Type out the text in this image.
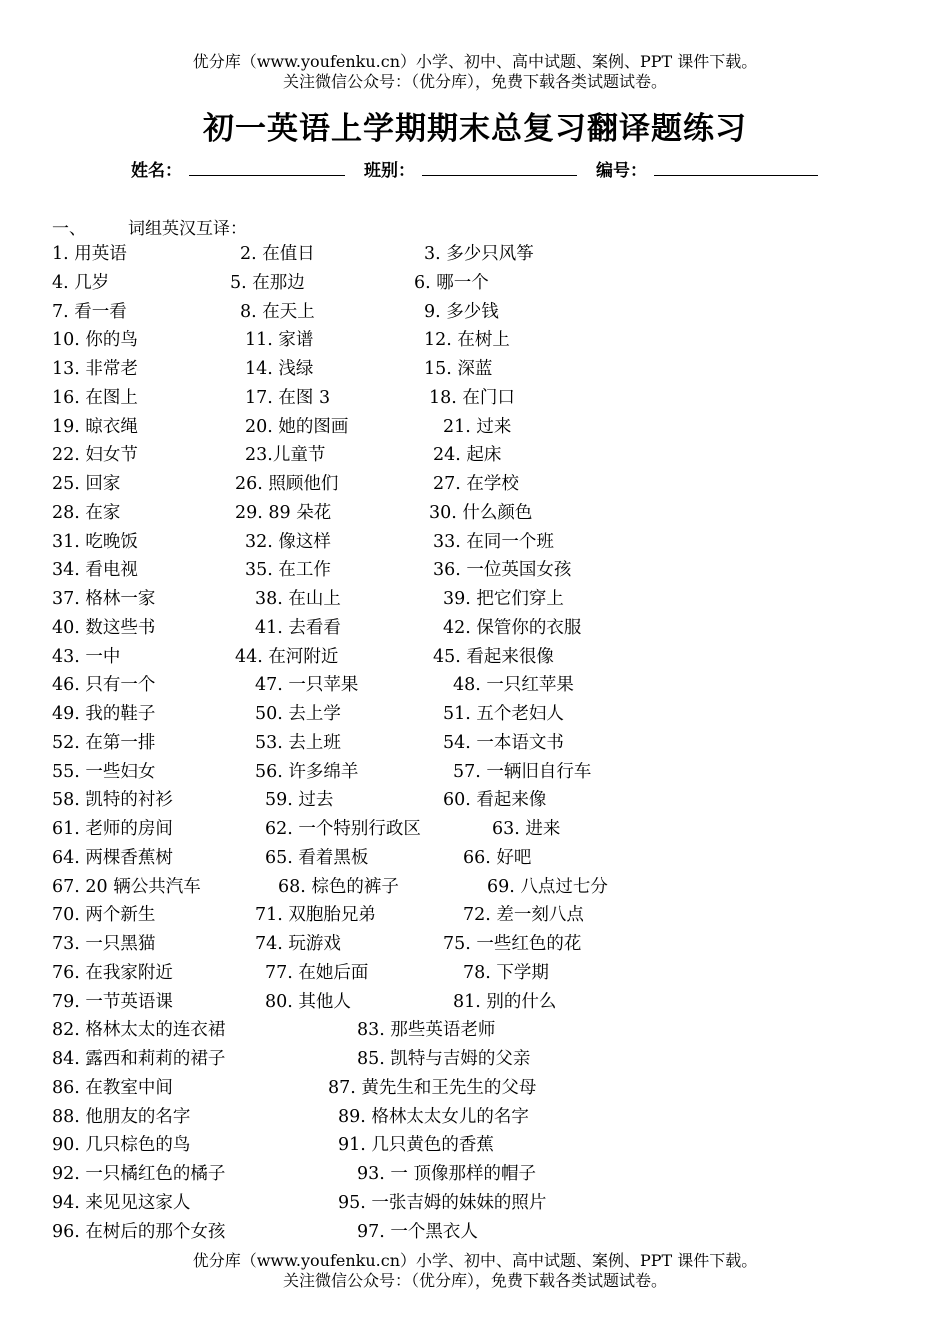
优分库（www.youfenku.cn）小学、初中、高中试题、案例、PPT 课件下载。
关注微信公众号：（优分库），免费下载各类试题试卷。
初一英语上学期期末总复习翻译题练习
姓名：	班别：	编号：
一、 词组英汉互译：
1. 用英语	2. 在值日	3. 多少只风筝
4. 几岁	5. 在那边	6. 哪一个
7. 看一看	8. 在天上	9. 多少钱
10. 你的鸟	11. 家谱	12. 在树上
13. 非常老	14. 浅绿	15. 深蓝
16. 在图上	17. 在图 3	18. 在门口
19. 晾衣绳	20. 她的图画	21. 过来
22. 妇女节	23.儿童节	24. 起床
25. 回家	26. 照顾他们	27. 在学校
28. 在家	29. 89 朵花	30. 什么颜色
31. 吃晚饭	32. 像这样	33. 在同一个班
34. 看电视	35. 在工作	36. 一位英国女孩
37. 格林一家	38. 在山上	39. 把它们穿上
40. 数这些书	41. 去看看	42. 保管你的衣服
43. 一中	44. 在河附近	45. 看起来很像
46. 只有一个	47. 一只苹果	48. 一只红苹果
49. 我的鞋子	50. 去上学	51. 五个老妇人
52. 在第一排	53. 去上班	54. 一本语文书
55. 一些妇女	56. 许多绵羊	57. 一辆旧自行车
58. 凯特的衬衫	59. 过去	60. 看起来像
61. 老师的房间	62. 一个特别行政区	63. 进来
64. 两棵香蕉树	65. 看着黑板	66. 好吧
67. 20 辆公共汽车	68. 棕色的裤子	69. 八点过七分
70. 两个新生	71. 双胞胎兄弟	72. 差一刻八点
73. 一只黑猫	74. 玩游戏	75. 一些红色的花
76. 在我家附近	77. 在她后面	78. 下学期
79. 一节英语课	80. 其他人	81. 别的什么
82. 格林太太的连衣裙	83. 那些英语老师
84. 露西和莉莉的裙子	85. 凯特与吉姆的父亲
86. 在教室中间	87. 黄先生和王先生的父母
88. 他朋友的名字	89. 格林太太女儿的名字
90. 几只棕色的鸟	91. 几只黄色的香蕉
92. 一只橘红色的橘子	93. 一 顶像那样的帽子
94. 来见见这家人	95. 一张吉姆的妹妹的照片
96. 在树后的那个女孩	97. 一个黑衣人
优分库（www.youfenku.cn）小学、初中、高中试题、案例、PPT 课件下载。
关注微信公众号：（优分库），免费下载各类试题试卷。
